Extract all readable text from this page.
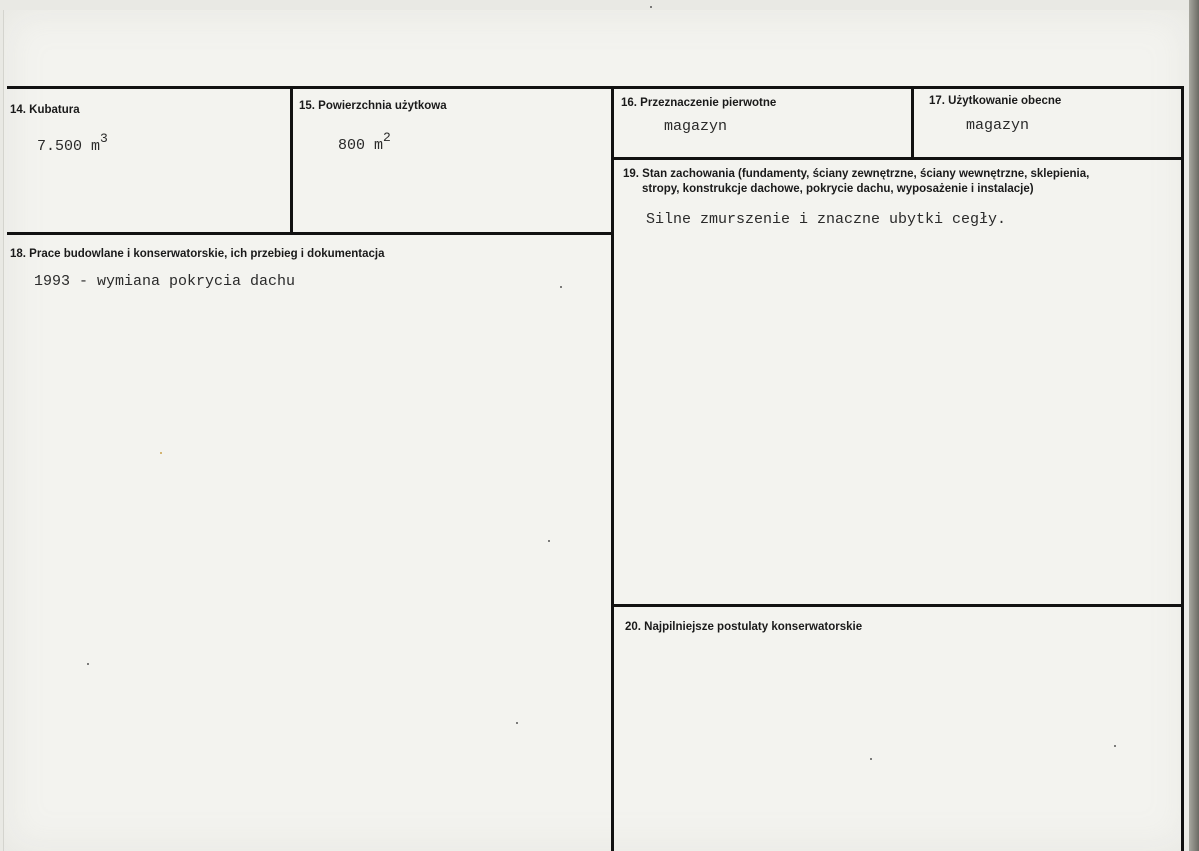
14. Kubatura
7.500 $m^3$
15. Powierzchnia użytkowa
800 $m^2$
16. Przeznaczenie pierwotne
magazyn
17. Użytkowanie obecne
magazyn
18. Prace budowlane i konserwatorskie, ich przebieg i dokumentacja
1993 - wymiana pokrycia dachu
19. Stan zachowania (fundamenty, ściany zewnętrzne, ściany wewnętrzne, sklepienia,
stropy, konstrukcje dachowe, pokrycie dachu, wyposażenie i instalacje)
Silne zmurszenie i znaczne ubytki cegły.
20. Najpilniejsze postulaty konserwatorskie
